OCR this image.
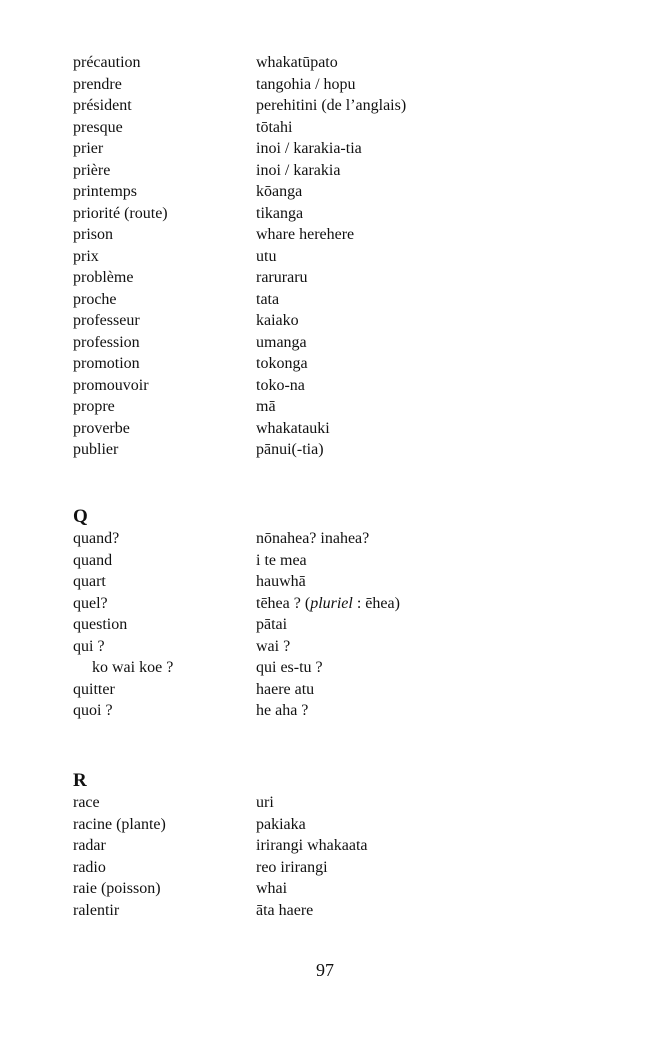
précaution	whakatūpato
prendre	tangohia / hopu
président	perehitini (de l’anglais)
presque	tōtahi
prier	inoi / karakia-tia
prière	inoi / karakia
printemps	kōanga
priorité (route)	tikanga
prison	whare herehere
prix	utu
problème	raruraru
proche	tata
professeur	kaiako
profession	umanga
promotion	tokonga
promouvoir	toko-na
propre	mā
proverbe	whakatauki
publier	pānui(-tia)
Q
quand?	nōnahea? inahea?
quand	i te mea
quart	hauwhā
quel?	tēhea ? (pluriel : ēhea)
question	pātai
qui ?	wai ?
ko wai koe ?	qui es-tu ?
quitter	haere atu
quoi ?	he aha ?
R
race	uri
racine (plante)	pakiaka
radar	irirangi whakaata
radio	reo irirangi
raie (poisson)	whai
ralentir	āta haere
97
